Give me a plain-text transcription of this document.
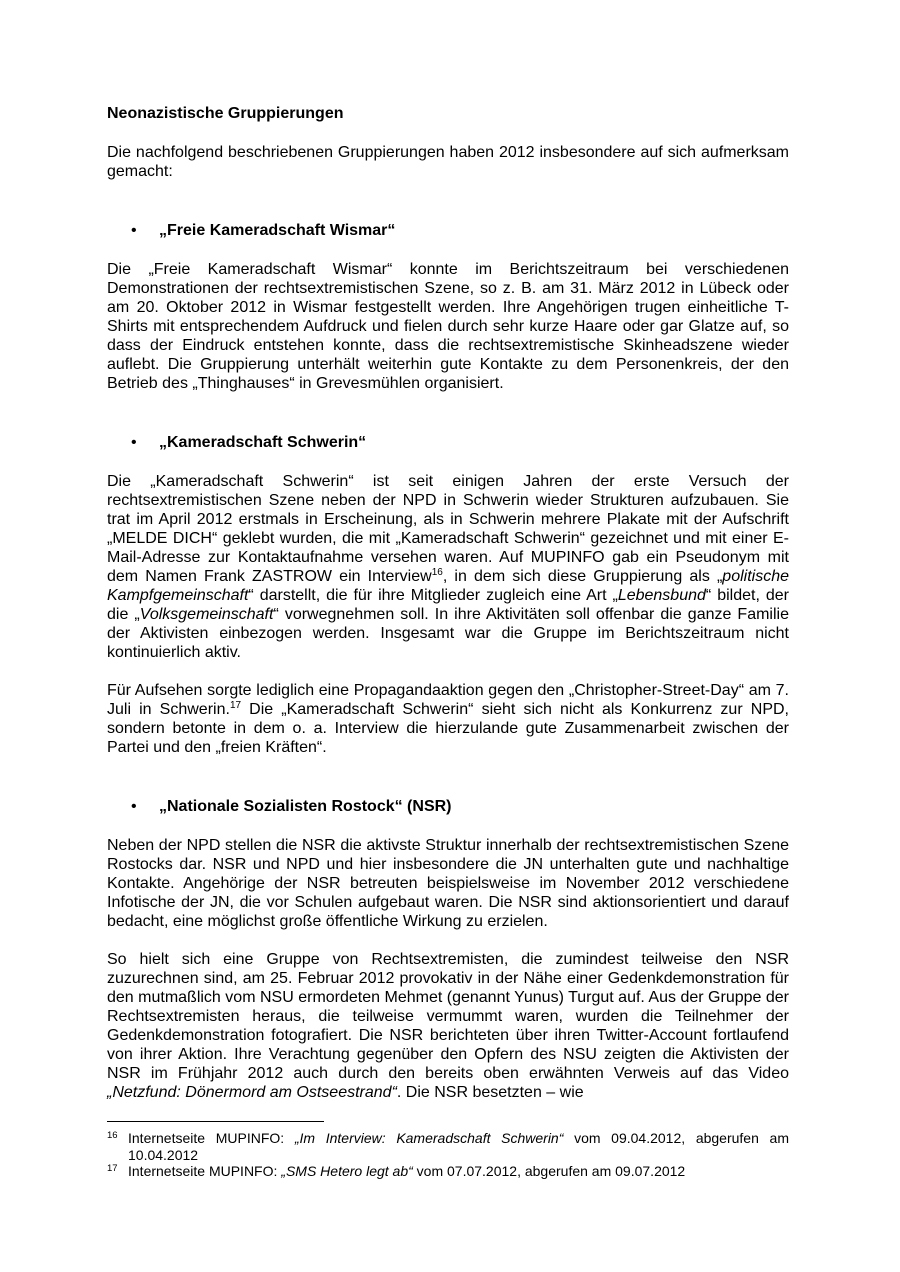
Neonazistische Gruppierungen

Die nachfolgend beschriebenen Gruppierungen haben 2012 insbesondere auf sich aufmerksam gemacht:

•	„Freie Kameradschaft Wismar“

Die „Freie Kameradschaft Wismar“ konnte im Berichtszeitraum bei verschiedenen Demonstrationen der rechtsextremistischen Szene, so z. B. am 31. März 2012 in Lübeck oder am 20. Oktober 2012 in Wismar festgestellt werden. Ihre Angehörigen trugen einheitliche T-Shirts mit entsprechendem Aufdruck und fielen durch sehr kurze Haare oder gar Glatze auf, so dass der Eindruck entstehen konnte, dass die rechtsextremistische Skinheadszene wieder auflebt. Die Gruppierung unterhält weiterhin gute Kontakte zu dem Personenkreis, der den Betrieb des „Thinghauses“ in Grevesmühlen organisiert.

•	„Kameradschaft Schwerin“

Die „Kameradschaft Schwerin“ ist seit einigen Jahren der erste Versuch der rechtsextremistischen Szene neben der NPD in Schwerin wieder Strukturen aufzubauen. Sie trat im April 2012 erstmals in Erscheinung, als in Schwerin mehrere Plakate mit der Aufschrift „MELDE DICH“ geklebt wurden, die mit „Kameradschaft Schwerin“ gezeichnet und mit einer E-Mail-Adresse zur Kontaktaufnahme versehen waren. Auf MUPINFO gab ein Pseudonym mit dem Namen Frank ZASTROW ein Interview$^{16}$, in dem sich diese Gruppierung als „politische Kampfgemeinschaft“ darstellt, die für ihre Mitglieder zugleich eine Art „Lebensbund“ bildet, der die „Volksgemeinschaft“ vorwegnehmen soll. In ihre Aktivitäten soll offenbar die ganze Familie der Aktivisten einbezogen werden. Insgesamt war die Gruppe im Berichtszeitraum nicht kontinuierlich aktiv.

Für Aufsehen sorgte lediglich eine Propagandaaktion gegen den „Christopher-Street-Day“ am 7. Juli in Schwerin.$^{17}$ Die „Kameradschaft Schwerin“ sieht sich nicht als Konkurrenz zur NPD, sondern betonte in dem o. a. Interview die hierzulande gute Zusammenarbeit zwischen der Partei und den „freien Kräften“.

•	„Nationale Sozialisten Rostock“ (NSR)

Neben der NPD stellen die NSR die aktivste Struktur innerhalb der rechtsextremistischen Szene Rostocks dar. NSR und NPD und hier insbesondere die JN unterhalten gute und nachhaltige Kontakte. Angehörige der NSR betreuten beispielsweise im November 2012 verschiedene Infotische der JN, die vor Schulen aufgebaut waren. Die NSR sind aktionsorientiert und darauf bedacht, eine möglichst große öffentliche Wirkung zu erzielen.

So hielt sich eine Gruppe von Rechtsextremisten, die zumindest teilweise den NSR zuzurechnen sind, am 25. Februar 2012 provokativ in der Nähe einer Gedenkdemonstration für den mutmaßlich vom NSU ermordeten Mehmet (genannt Yunus) Turgut auf. Aus der Gruppe der Rechtsextremisten heraus, die teilweise vermummt waren, wurden die Teilnehmer der Gedenkdemonstration fotografiert. Die NSR berichteten über ihren Twitter-Account fortlaufend von ihrer Aktion. Ihre Verachtung gegenüber den Opfern des NSU zeigten die Aktivisten der NSR im Frühjahr 2012 auch durch den bereits oben erwähnten Verweis auf das Video „Netzfund: Dönermord am Ostseestrand“. Die NSR besetzten – wie

16 Internetseite MUPINFO: „Im Interview: Kameradschaft Schwerin“ vom 09.04.2012, abgerufen am 10.04.2012
17 Internetseite MUPINFO: „SMS Hetero legt ab“ vom 07.07.2012, abgerufen am 09.07.2012
